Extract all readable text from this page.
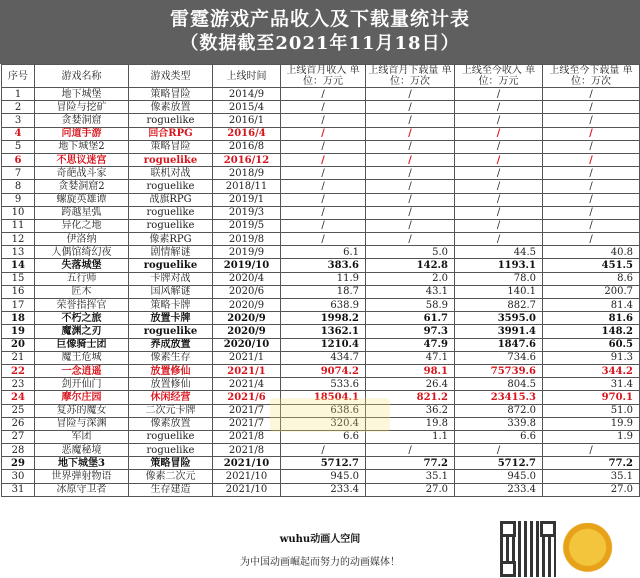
雷霆游戏产品收入及下载量统计表
（数据截至2021年11月18日）
序号	游戏名称	游戏类型	上线时间	上线首月收入 单位：万元	上线首月下载量 单位：万次	上线至今收入 单位：万元	上线至今下载量 单位：万次
1	地下城堡	策略冒险	2014/9	/	/	/	/
2	冒险与挖矿	像素放置	2015/4	/	/	/	/
3	贪婪洞窟	roguelike	2016/1	/	/	/	/
4	问道手游	回合RPG	2016/4	/	/	/	/
5	地下城堡2	策略冒险	2016/8	/	/	/	/
6	不思议迷宫	roguelike	2016/12	/	/	/	/
7	奇葩战斗家	联机对战	2018/9	/	/	/	/
8	贪婪洞窟2	roguelike	2018/11	/	/	/	/
9	螺旋英雄谭	战旗RPG	2019/1	/	/	/	/
10	跨越星弧	roguelike	2019/3	/	/	/	/
11	异化之地	roguelike	2019/5	/	/	/	/
12	伊洛纳	像素RPG	2019/8	/	/	/	/
13	人偶馆绮幻夜	剧情解谜	2019/9	6.1	5.0	44.5	40.8
14	失落城堡	roguelike	2019/10	383.6	142.8	1193.1	451.5
15	五行师	卡牌对战	2020/4	11.9	2.0	78.0	8.6
16	匠木	国风解谜	2020/6	18.7	43.1	140.1	200.7
17	荣誉指挥官	策略卡牌	2020/9	638.9	58.9	882.7	81.4
18	不朽之旅	放置卡牌	2020/9	1998.2	61.7	3595.0	81.6
19	魔渊之刃	roguelike	2020/9	1362.1	97.3	3991.4	148.2
20	巨像骑士团	养成放置	2020/10	1210.4	47.9	1847.6	60.5
21	魔王危城	像素生存	2021/1	434.7	47.1	734.6	91.3
22	一念逍遥	放置修仙	2021/1	9074.2	98.1	75739.6	344.2
23	剑开仙门	放置修仙	2021/4	533.6	26.4	804.5	31.4
24	摩尔庄园	休闲经营	2021/6	18504.1	821.2	23415.3	970.1
25	复苏的魔女	二次元卡牌	2021/7	638.6	36.2	872.0	51.0
26	冒险与深渊	像素放置	2021/7	320.4	19.8	339.8	19.9
27	军团	roguelike	2021/8	6.6	1.1	6.6	1.9
28	恶魔秘境	roguelike	2021/8	/	/	/	/
29	地下城堡3	策略冒险	2021/10	5712.7	77.2	5712.7	77.2
30	世界弹射物语	像素二次元	2021/10	945.0	35.1	945.0	35.1
31	冰原守卫者	生存建造	2021/10	233.4	27.0	233.4	27.0
wuhu动画人空间
为中国动画崛起而努力的动画媒体！
